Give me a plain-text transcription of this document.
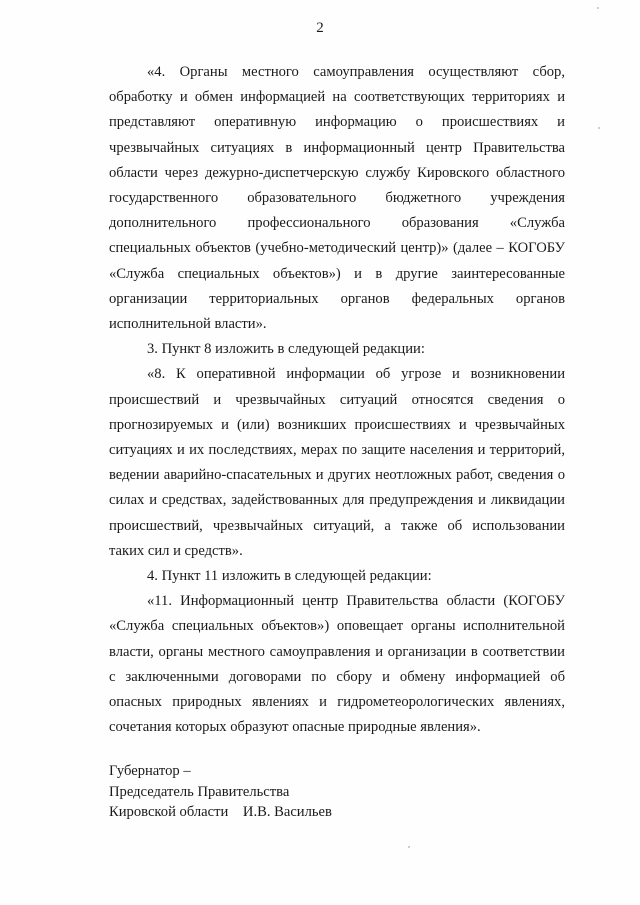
2

«4. Органы местного самоуправления осуществляют сбор, обработку и обмен информацией на соответствующих территориях и представляют оперативную информацию о происшествиях и чрезвычайных ситуациях в информационный центр Правительства области через дежурно-диспетчерскую службу Кировского областного государственного образовательного бюджетного учреждения дополнительного профессионального образования «Служба специальных объектов (учебно-методический центр)» (далее – КОГОБУ «Служба специальных объектов») и в другие заинтересованные организации территориальных органов федеральных органов исполнительной власти».

3. Пункт 8 изложить в следующей редакции:

«8. К оперативной информации об угрозе и возникновении происшествий и чрезвычайных ситуаций относятся сведения о прогнозируемых и (или) возникших происшествиях и чрезвычайных ситуациях и их последствиях, мерах по защите населения и территорий, ведении аварийно-спасательных и других неотложных работ, сведения о силах и средствах, задействованных для предупреждения и ликвидации происшествий, чрезвычайных ситуаций, а также об использовании таких сил и средств».

4. Пункт 11 изложить в следующей редакции:

«11. Информационный центр Правительства области (КОГОБУ «Служба специальных объектов») оповещает органы исполнительной власти, органы местного самоуправления и организации в соответствии с заключенными договорами по сбору и обмену информацией об опасных природных явлениях и гидрометеорологических явлениях, сочетания которых образуют опасные природные явления».

Губернатор –
Председатель Правительства
Кировской области    И.В. Васильев
